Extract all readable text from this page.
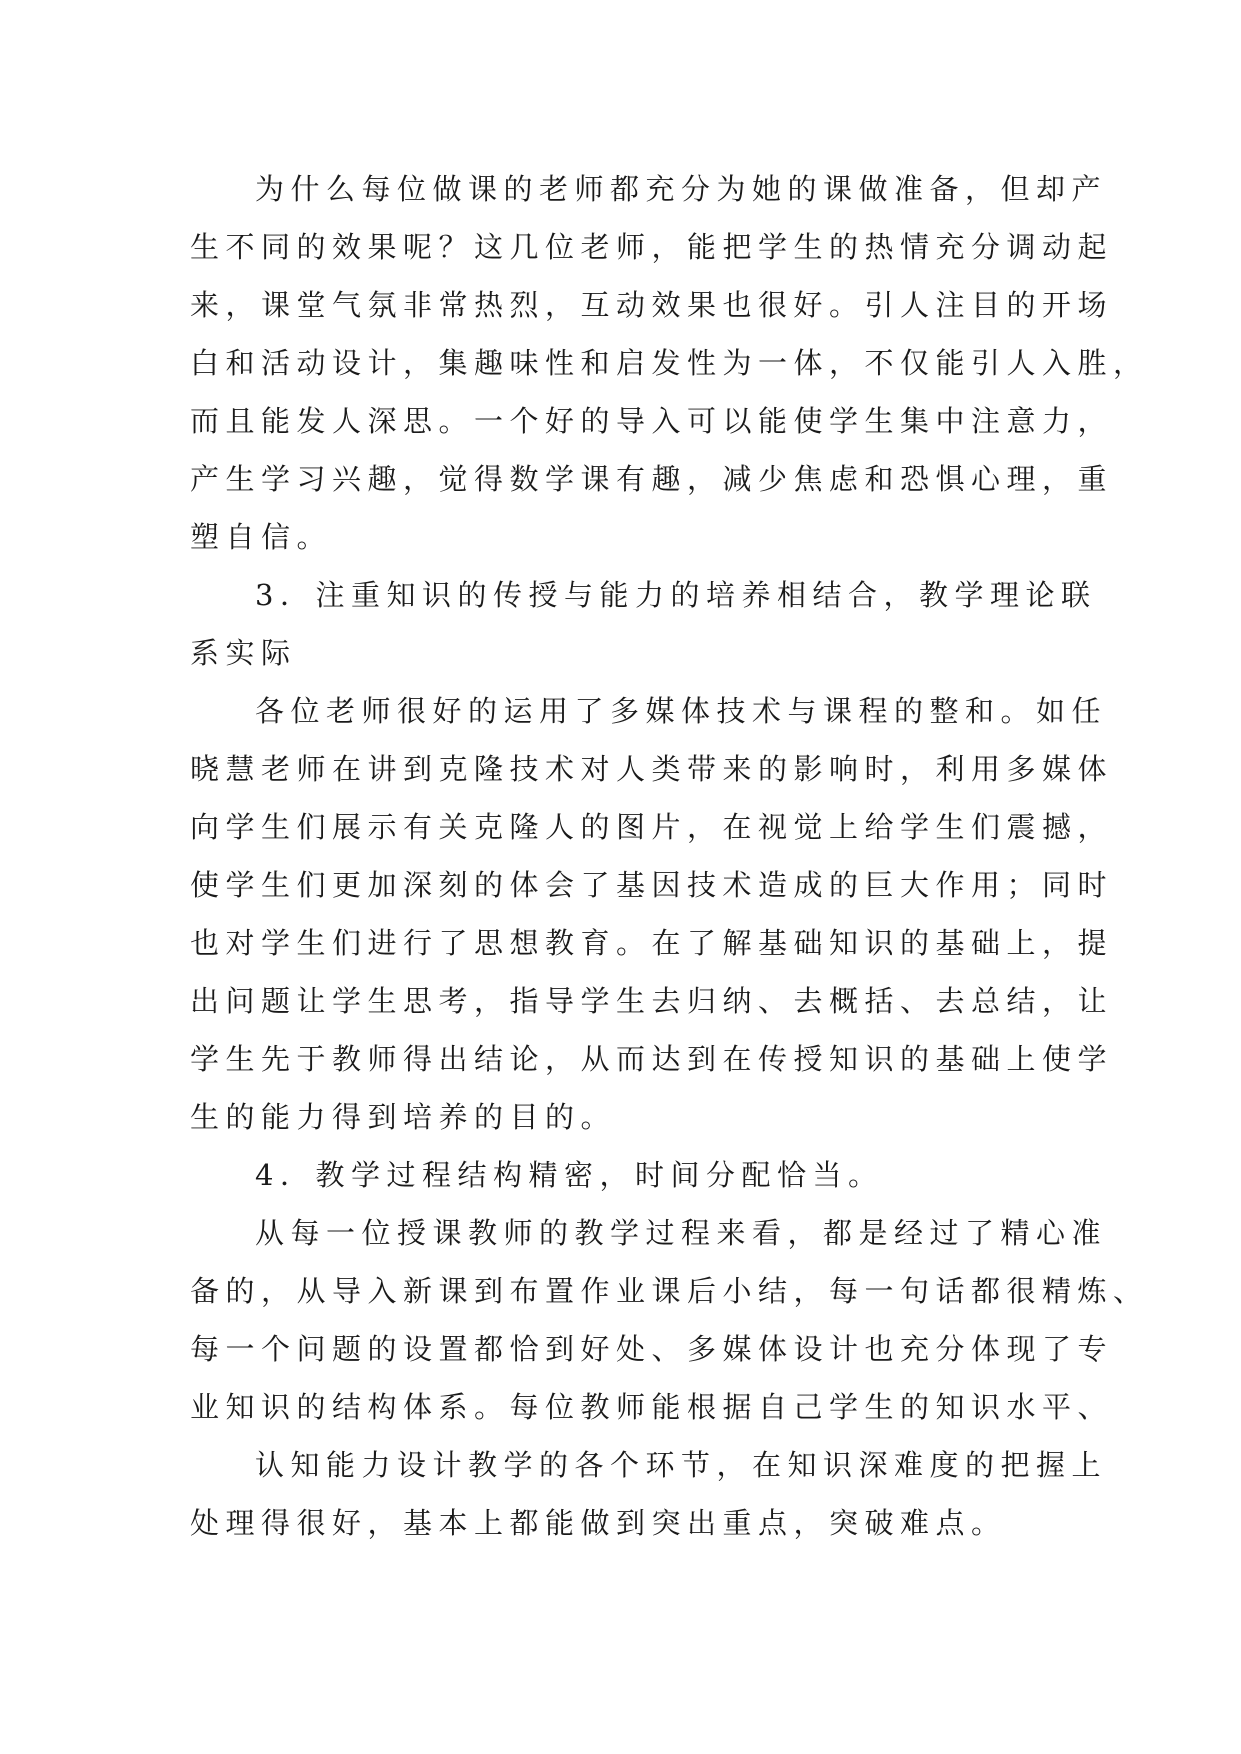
为什么每位做课的老师都充分为她的课做准备，但却产
生不同的效果呢？这几位老师，能把学生的热情充分调动起
来，课堂气氛非常热烈，互动效果也很好。引人注目的开场
白和活动设计，集趣味性和启发性为一体，不仅能引人入胜，
而且能发人深思。一个好的导入可以能使学生集中注意力，
产生学习兴趣，觉得数学课有趣，减少焦虑和恐惧心理，重
塑自信。
3．注重知识的传授与能力的培养相结合，教学理论联
系实际
各位老师很好的运用了多媒体技术与课程的整和。如任
晓慧老师在讲到克隆技术对人类带来的影响时，利用多媒体
向学生们展示有关克隆人的图片，在视觉上给学生们震撼，
使学生们更加深刻的体会了基因技术造成的巨大作用；同时
也对学生们进行了思想教育。在了解基础知识的基础上，提
出问题让学生思考，指导学生去归纳、去概括、去总结，让
学生先于教师得出结论，从而达到在传授知识的基础上使学
生的能力得到培养的目的。
4．教学过程结构精密，时间分配恰当。
从每一位授课教师的教学过程来看，都是经过了精心准
备的，从导入新课到布置作业课后小结，每一句话都很精炼、
每一个问题的设置都恰到好处、多媒体设计也充分体现了专
业知识的结构体系。每位教师能根据自己学生的知识水平、
认知能力设计教学的各个环节，在知识深难度的把握上
处理得很好，基本上都能做到突出重点，突破难点。
